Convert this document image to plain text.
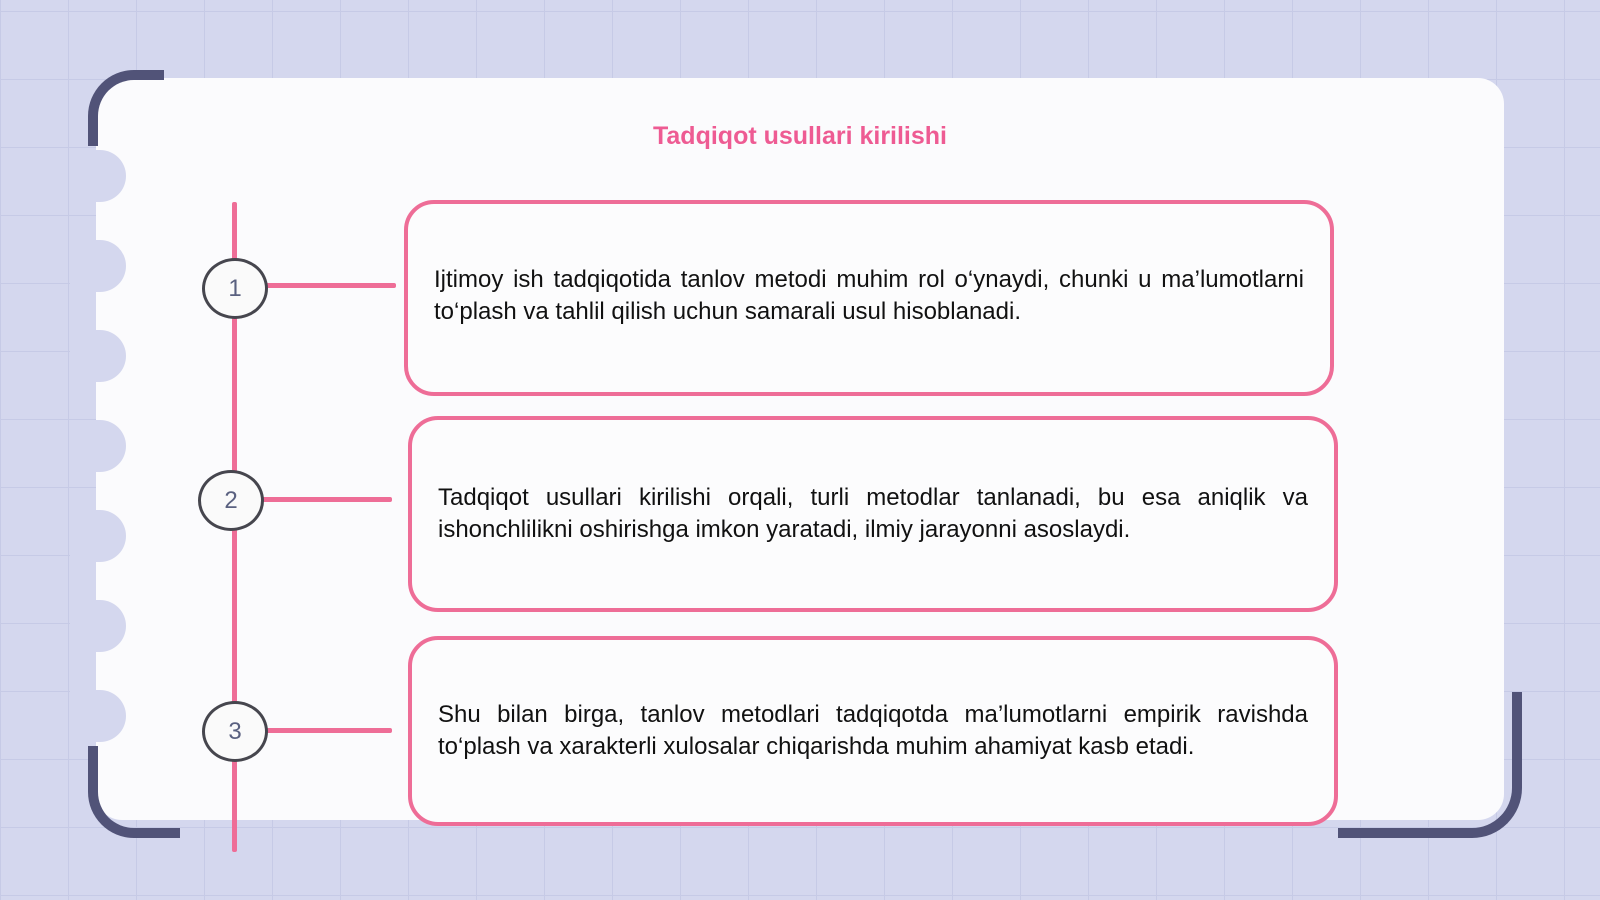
Tadqiqot usullari kirilishi
1
2
3
Ijtimoy ish tadqiqotida tanlov metodi muhim rol o‘ynaydi, chunki u ma’lumotlarni to‘plash va tahlil qilish uchun samarali usul hisoblanadi.
Tadqiqot usullari kirilishi orqali, turli metodlar tanlanadi, bu esa aniqlik va ishonchlilikni oshirishga imkon yaratadi, ilmiy jarayonni asoslaydi.
Shu bilan birga, tanlov metodlari tadqiqotda ma’lumotlarni empirik ravishda to‘plash va xarakterli xulosalar chiqarishda muhim ahamiyat kasb etadi.
